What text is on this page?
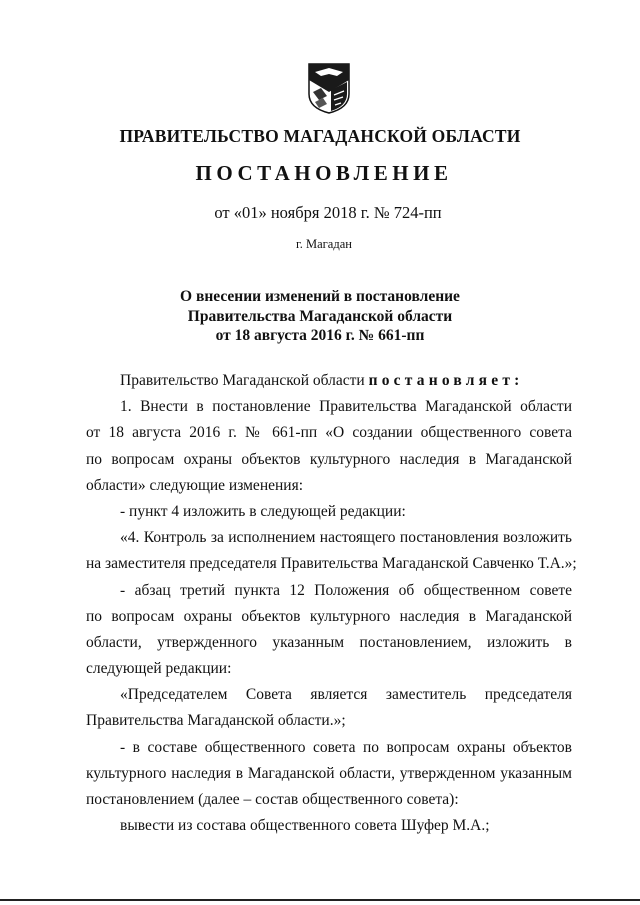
ПРАВИТЕЛЬСТВО МАГАДАНСКОЙ ОБЛАСТИ
ПОСТАНОВЛЕНИЕ
от «01» ноября 2018 г. № 724-пп
г. Магадан
О внесении изменений в постановление
Правительства Магаданской области
от 18 августа 2016 г. № 661-пп
Правительство Магаданской области постановляет:
1. Внести в постановление Правительства Магаданской области
от 18 августа 2016 г. № 661-пп «О создании общественного совета
по вопросам охраны объектов культурного наследия в Магаданской
области» следующие изменения:
- пункт 4 изложить в следующей редакции:
«4. Контроль за исполнением настоящего постановления возложить
на заместителя председателя Правительства Магаданской Савченко Т.А.»;
- абзац третий пункта 12 Положения об общественном совете
по вопросам охраны объектов культурного наследия в Магаданской
области, утвержденного указанным постановлением, изложить в
следующей редакции:
«Председателем Совета является заместитель председателя
Правительства Магаданской области.»;
- в составе общественного совета по вопросам охраны объектов
культурного наследия в Магаданской области, утвержденном указанным
постановлением (далее – состав общественного совета):
вывести из состава общественного совета Шуфер М.А.;
